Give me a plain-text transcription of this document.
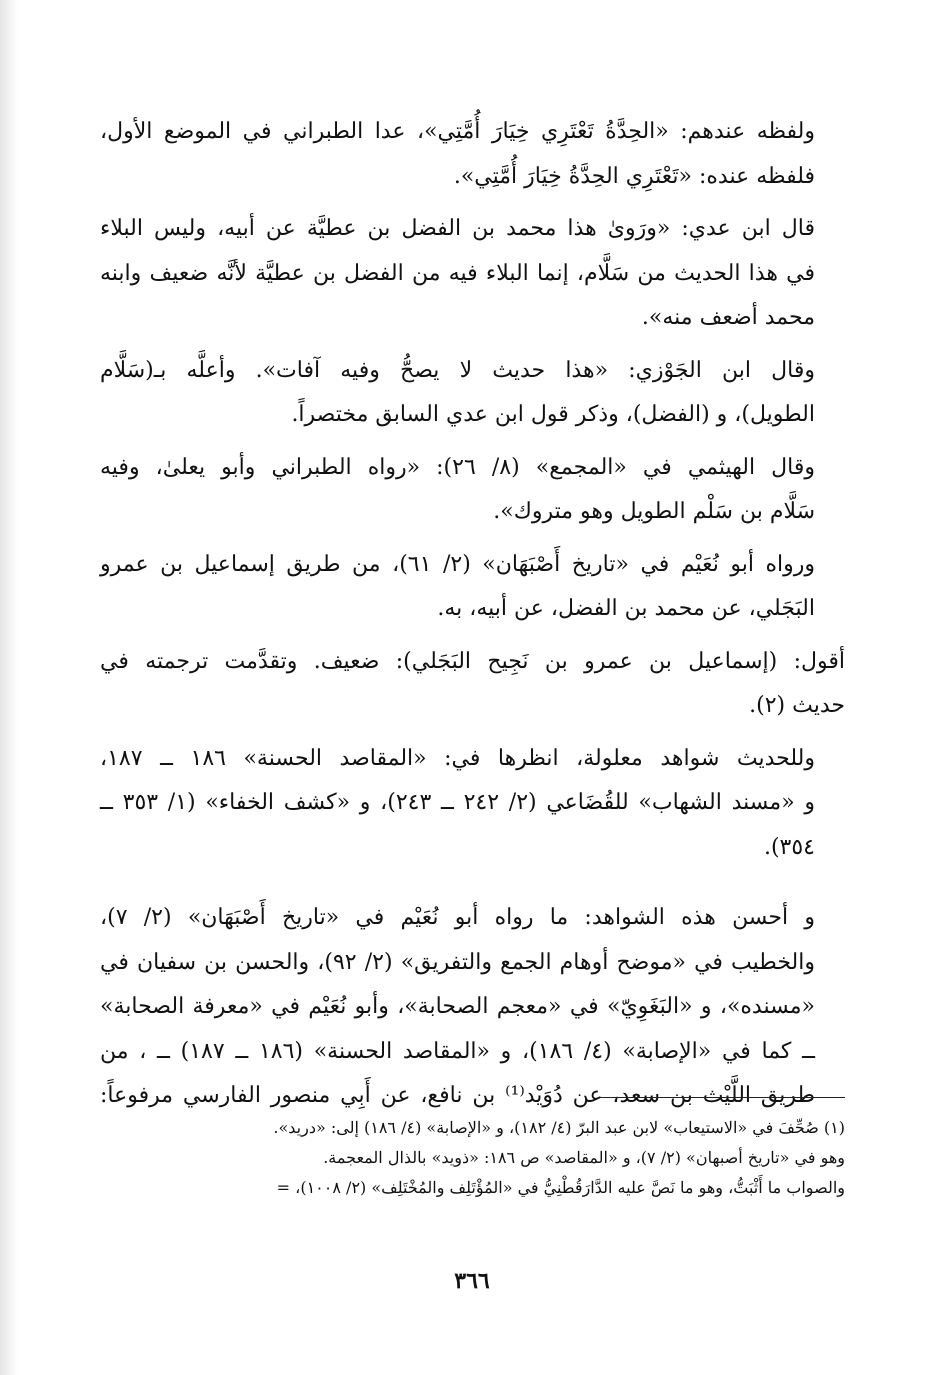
ولفظه عندهم: «الحِدَّةُ تَعْتَرِي خِيَارَ أُمَّتِي»، عدا الطبراني في الموضع الأول،
فلفظه عنده: «تَعْتَرِي الحِدَّةُ خِيَارَ أُمَّتِي».

قال ابن عدي: «ورَوىٰ هذا محمد بن الفضل بن عطيَّة عن أبيه، وليس البلاء
في هذا الحديث من سَلَّام، إنما البلاء فيه من الفضل بن عطيَّة لأنَّه ضعيف وابنه
محمد أضعف منه».

وقال ابن الجَوْزي: «هذا حديث لا يصحُّ وفيه آفات». وأعلَّه بـ(سَلَّام
الطويل)، و (الفضل)، وذكر قول ابن عدي السابق مختصراً.

وقال الهيثمي في «المجمع» (٨/ ٢٦): «رواه الطبراني وأبو يعلىٰ، وفيه
سَلَّام بن سَلْم الطويل وهو متروك».

ورواه أبو نُعَيْم في «تاريخ أَصْبَهَان» (٢/ ٦١)، من طريق إسماعيل بن عمرو
البَجَلي، عن محمد بن الفضل، عن أبيه، به.

أقول: (إسماعيل بن عمرو بن نَجِيح البَجَلي): ضعيف. وتقدَّمت ترجمته في
حديث (٢).

وللحديث شواهد معلولة، انظرها في: «المقاصد الحسنة» ١٨٦ ــ ١٨٧،
و «مسند الشهاب» للقُضَاعي (٢/ ٢٤٢ ــ ٢٤٣)، و «كشف الخفاء» (١/ ٣٥٣ ــ
٣٥٤).

و أحسن هذه الشواهد: ما رواه أبو نُعَيْم في «تاريخ أَصْبَهَان» (٢/ ٧)،
والخطيب في «موضح أوهام الجمع والتفريق» (٢/ ٩٢)، والحسن بن سفيان في
«مسنده»، و «البَغَوِيّ» في «معجم الصحابة»، وأبو نُعَيْم في «معرفة الصحابة»
ــ كما في «الإصابة» (٤/ ١٨٦)، و «المقاصد الحسنة» (١٨٦ ــ ١٨٧) ــ ، من
طريق اللَّيْث بن سعد، عن دُوَيْد⁽¹⁾ بن نافع، عن أَبِي منصور الفارسي مرفوعاً:

(١) صُحِّفَ في «الاستيعاب» لابن عبد البرّ (٤/ ١٨٢)، و «الإصابة» (٤/ ١٨٦) إلى: «دريد».
وهو في «تاريخ أصبهان» (٢/ ٧)، و «المقاصد» ص ١٨٦: «ذويد» بالذال المعجمة.
والصواب ما أَثْبَتُّ، وهو ما نَصَّ عليه الدَّارَقُطْنِيُّ في «المُؤْتَلِف والمُخْتَلِف» (٢/ ١٠٠٨)، =
٣٦٦
